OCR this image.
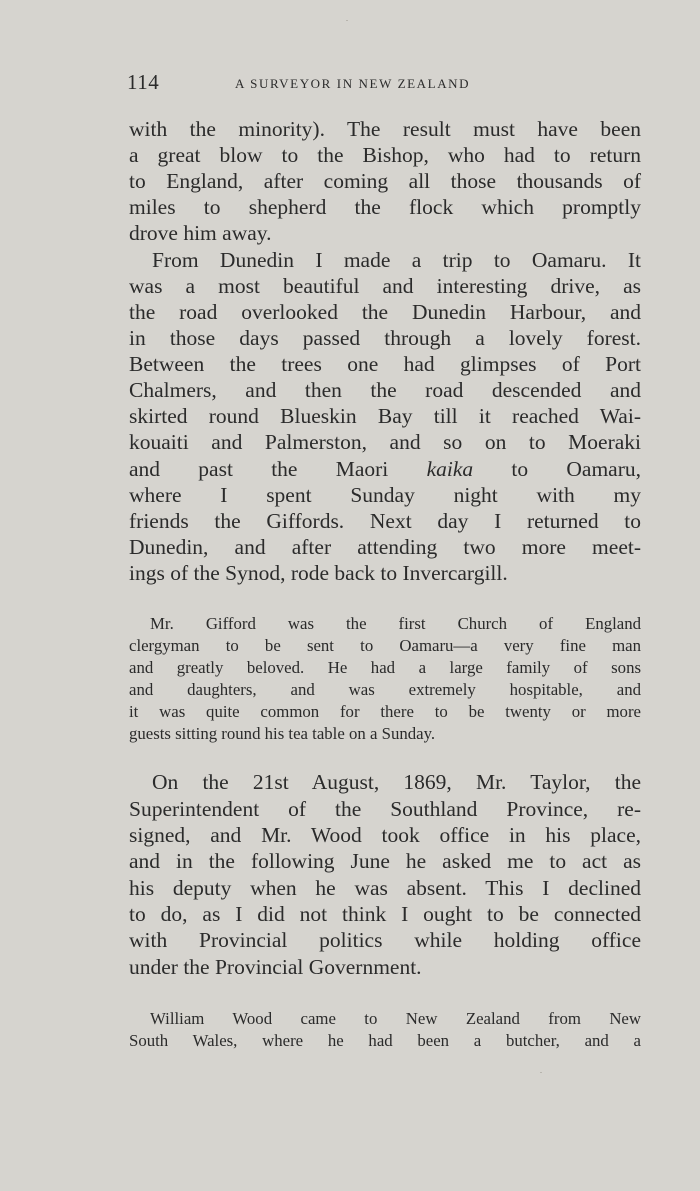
114	A SURVEYOR IN NEW ZEALAND
with the minority). The result must have been
a great blow to the Bishop, who had to return
to England, after coming all those thousands of
miles to shepherd the flock which promptly
drove him away.
From Dunedin I made a trip to Oamaru. It
was a most beautiful and interesting drive, as
the road overlooked the Dunedin Harbour, and
in those days passed through a lovely forest.
Between the trees one had glimpses of Port
Chalmers, and then the road descended and
skirted round Blueskin Bay till it reached Wai-
kouaiti and Palmerston, and so on to Moeraki
and past the Maori kaika to Oamaru,
where I spent Sunday night with my
friends the Giffords. Next day I returned to
Dunedin, and after attending two more meet-
ings of the Synod, rode back to Invercargill.
Mr. Gifford was the first Church of England
clergyman to be sent to Oamaru—a very fine man
and greatly beloved. He had a large family of sons
and daughters, and was extremely hospitable, and
it was quite common for there to be twenty or more
guests sitting round his tea table on a Sunday.
On the 21st August, 1869, Mr. Taylor, the
Superintendent of the Southland Province, re-
signed, and Mr. Wood took office in his place,
and in the following June he asked me to act as
his deputy when he was absent. This I declined
to do, as I did not think I ought to be connected
with Provincial politics while holding office
under the Provincial Government.
William Wood came to New Zealand from New
South Wales, where he had been a butcher, and a
